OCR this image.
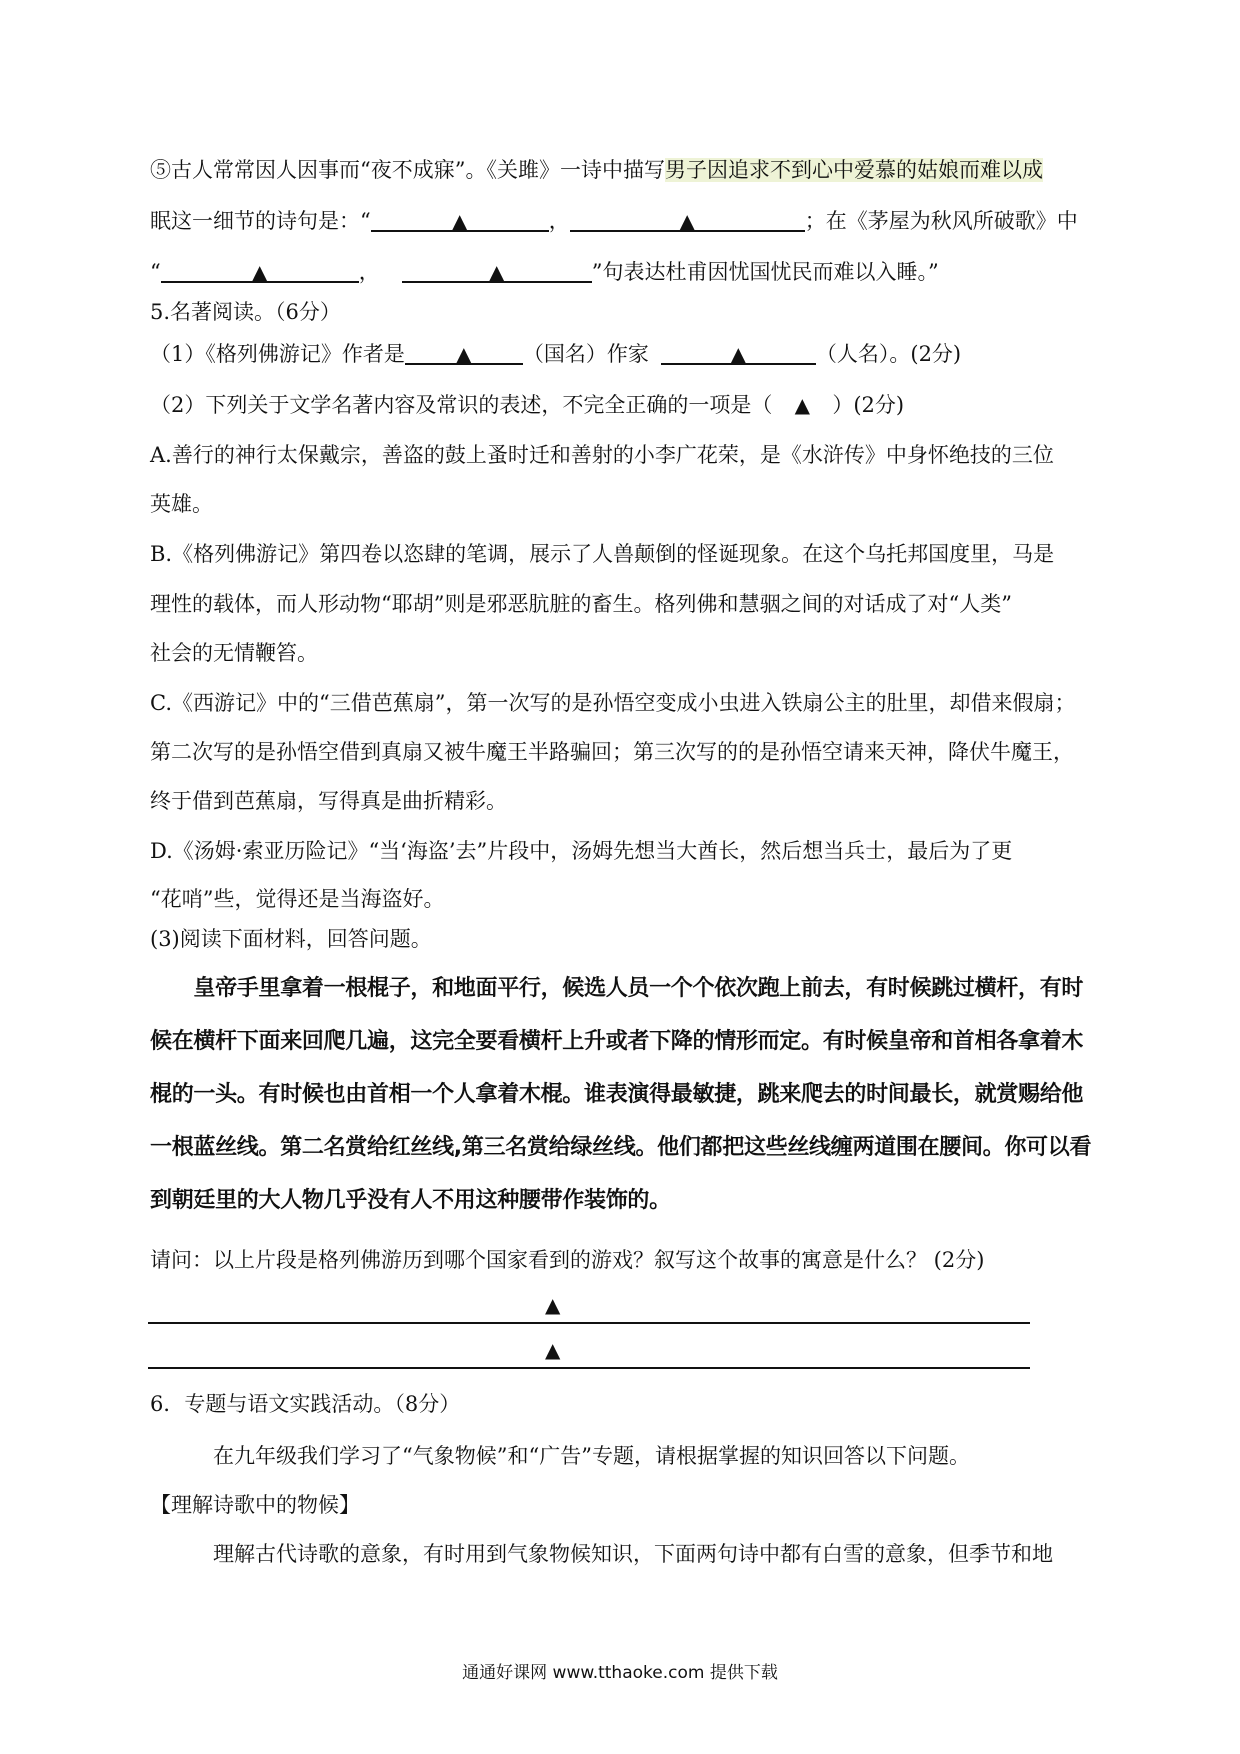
⑤古人常常因人因事而“夜不成寐”。《关雎》一诗中描写男子因追求不到心中爱慕的姑娘而难以成
眠这一细节的诗句是：“	▲	，	▲	；在《茅屋为秋风所破歌》中
“	▲	，	▲	”句表达杜甫因忧国忧民而难以入睡。”
5.名著阅读。（6分）
（1）《格列佛游记》作者是	▲ （国名）作家	▲	（人名）。(2分)
（2）下列关于文学名著内容及常识的表述，不完全正确的一项是（ ▲ ）(2分)
A.善行的神行太保戴宗，善盗的鼓上蚤时迁和善射的小李广花荣，是《水浒传》中身怀绝技的三位
英雄。
B.《格列佛游记》第四卷以恣肆的笔调，展示了人兽颠倒的怪诞现象。在这个乌托邦国度里，马是
理性的载体，而人形动物“耶胡”则是邪恶肮脏的畜生。格列佛和慧骃之间的对话成了对“人类”
社会的无情鞭笞。
C.《西游记》中的“三借芭蕉扇”，第一次写的是孙悟空变成小虫进入铁扇公主的肚里，却借来假扇；
第二次写的是孙悟空借到真扇又被牛魔王半路骗回；第三次写的的是孙悟空请来天神，降伏牛魔王，
终于借到芭蕉扇，写得真是曲折精彩。
D.《汤姆·索亚历险记》“当‘海盗’去”片段中，汤姆先想当大酋长，然后想当兵士，最后为了更
“花哨”些，觉得还是当海盗好。
(3)阅读下面材料，回答问题。
　　皇帝手里拿着一根棍子，和地面平行，候选人员一个个依次跑上前去，有时候跳过横杆，有时候在横杆下面来回爬几遍，这完全要看横杆上升或者下降的情形而定。有时候皇帝和首相各拿着木棍的一头。有时候也由首相一个人拿着木棍。谁表演得最敏捷，跳来爬去的时间最长，就赏赐给他一根蓝丝线。第二名赏给红丝线,第三名赏给绿丝线。他们都把这些丝线缠两道围在腰间。你可以看到朝廷里的大人物几乎没有人不用这种腰带作装饰的。
请问：以上片段是格列佛游历到哪个国家看到的游戏？叙写这个故事的寓意是什么？ (2分)
▲
▲
6．专题与语文实践活动。（8分）
在九年级我们学习了“气象物候”和“广告”专题，请根据掌握的知识回答以下问题。
【理解诗歌中的物候】
理解古代诗歌的意象，有时用到气象物候知识，下面两句诗中都有白雪的意象，但季节和地
通通好课网 www.tthaoke.com 提供下载
